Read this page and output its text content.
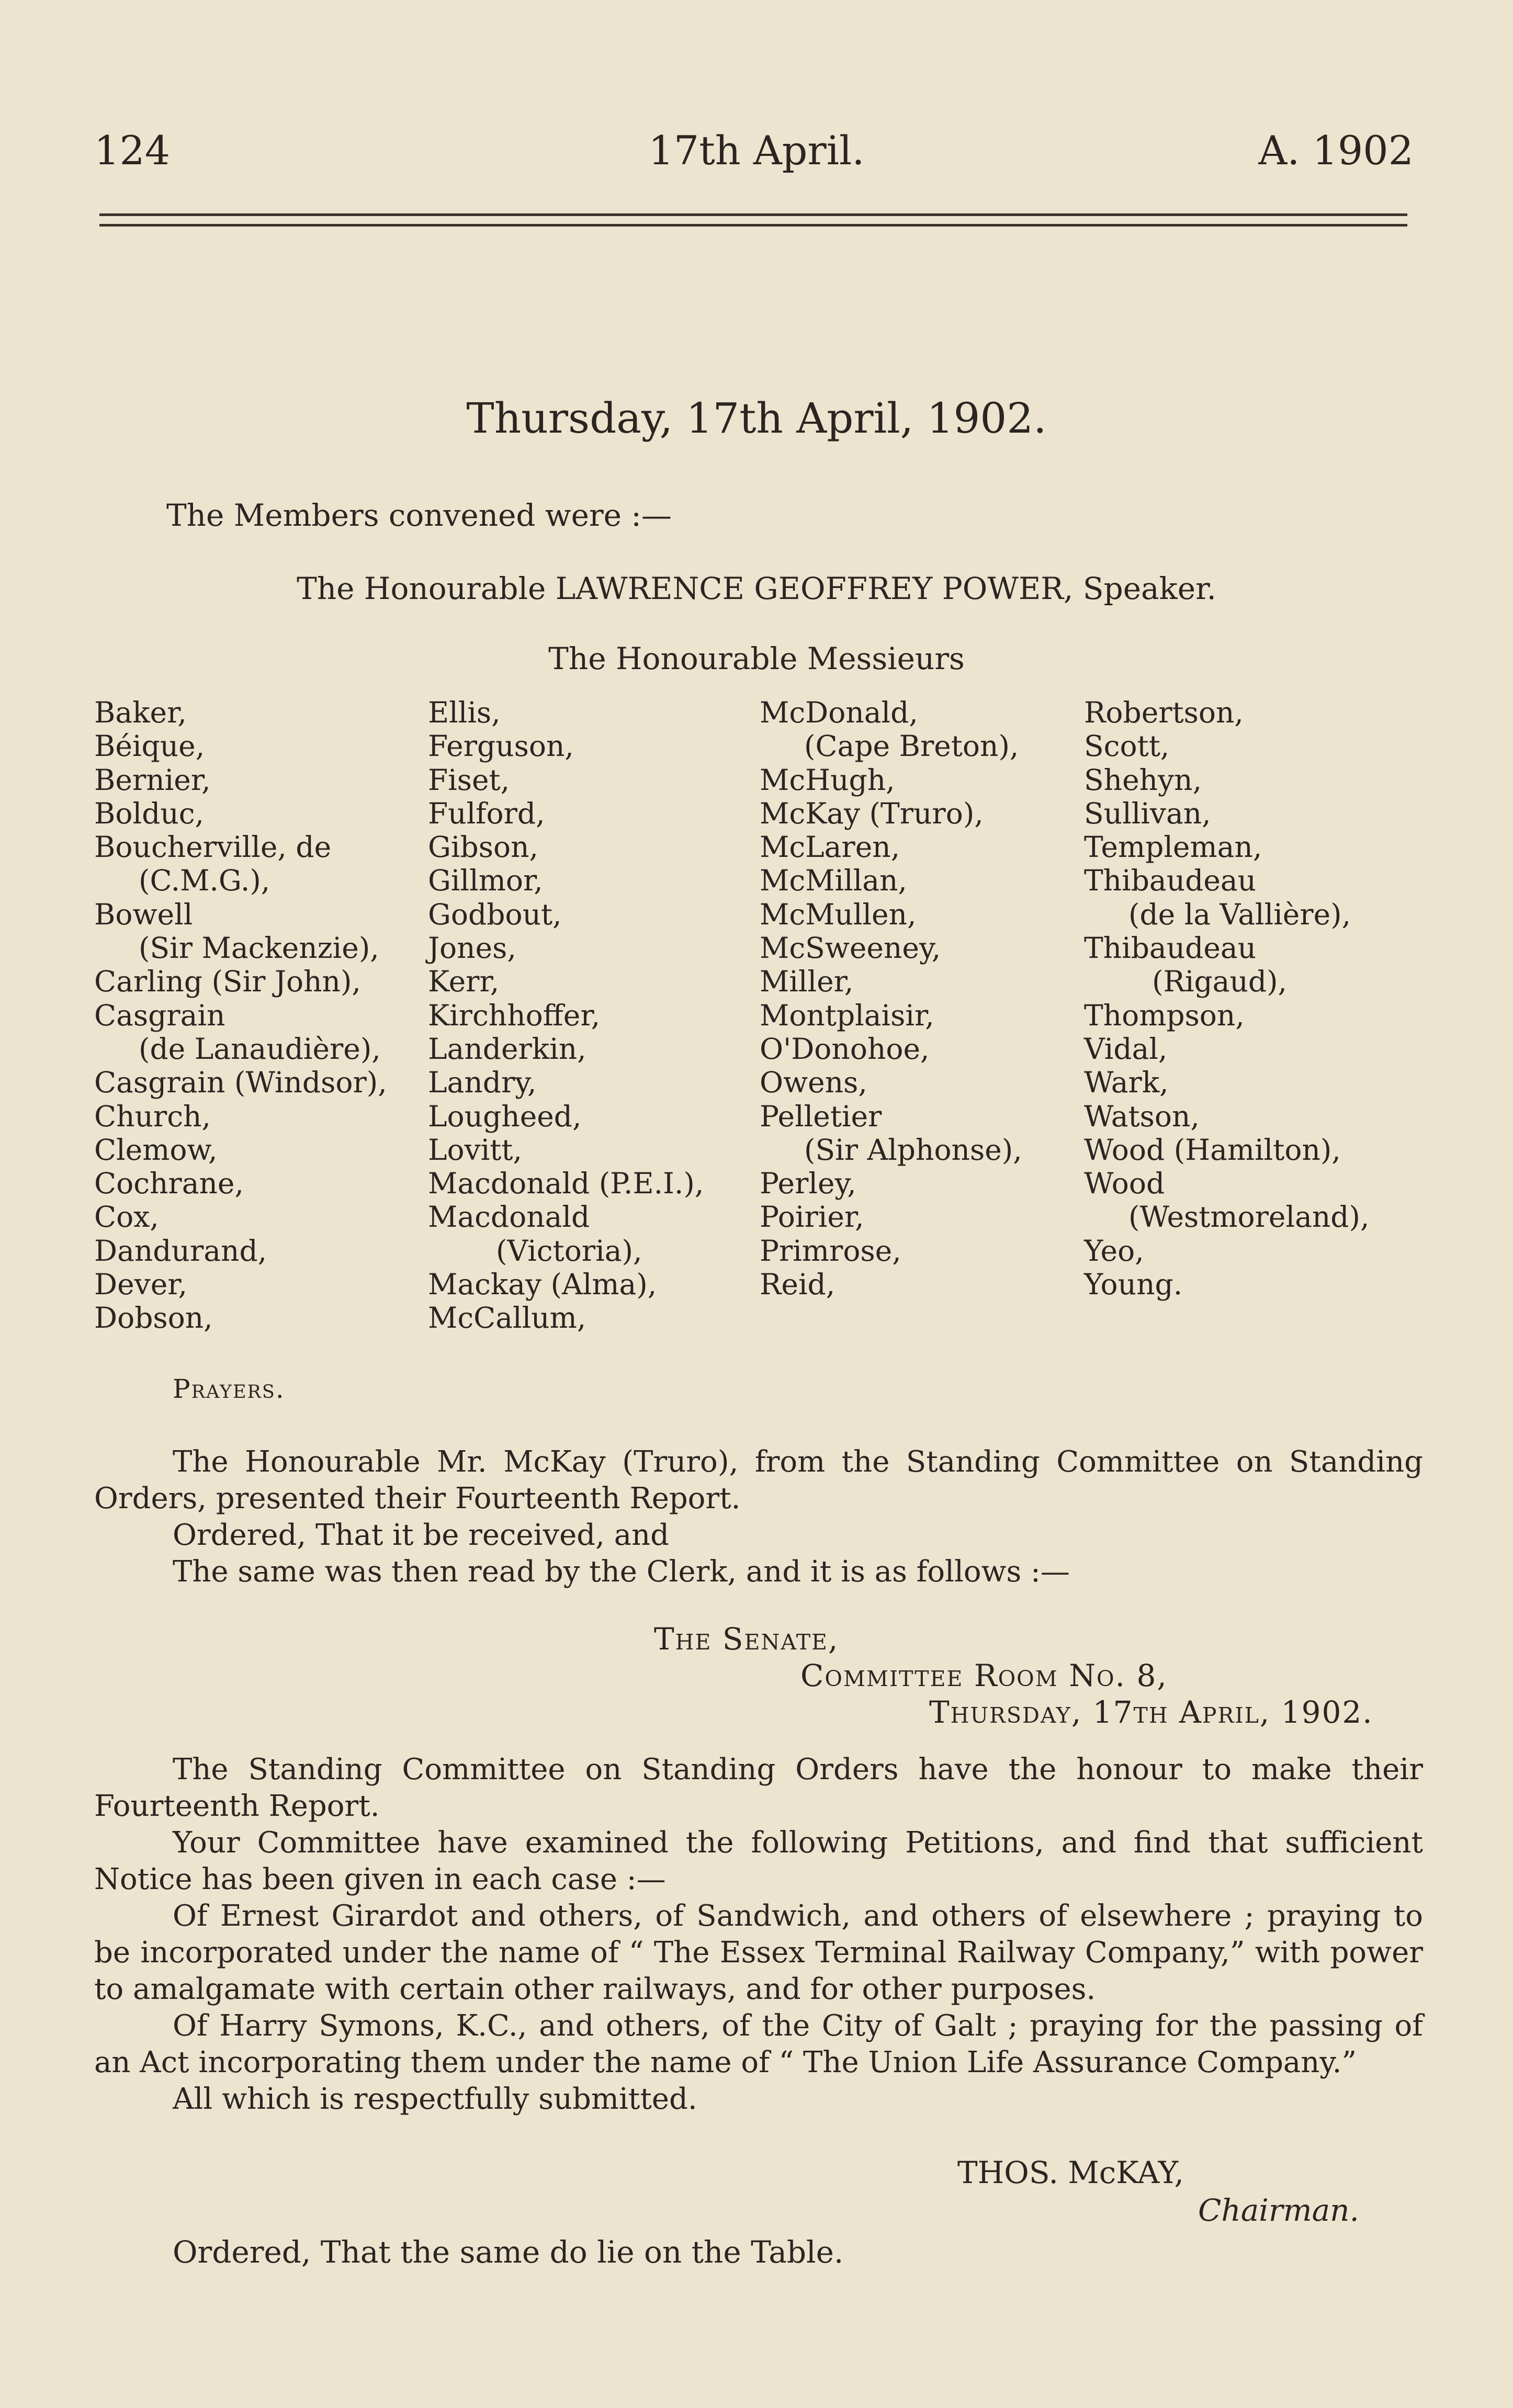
124	17th April.	A. 1902
Thursday, 17th April, 1902.
The Members convened were :—
The Honourable LAWRENCE GEOFFREY POWER, Speaker.
The Honourable Messieurs
Baker,
Béique,
Bernier,
Bolduc,
Boucherville, de
(C.M.G.),
Bowell
(Sir Mackenzie),
Carling (Sir John),
Casgrain
(de Lanaudière),
Casgrain (Windsor),
Church,
Clemow,
Cochrane,
Cox,
Dandurand,
Dever,
Dobson,
Ellis,
Ferguson,
Fiset,
Fulford,
Gibson,
Gillmor,
Godbout,
Jones,
Kerr,
Kirchhoffer,
Landerkin,
Landry,
Lougheed,
Lovitt,
Macdonald (P.E.I.),
Macdonald
(Victoria),
Mackay (Alma),
McCallum,
McDonald,
(Cape Breton),
McHugh,
McKay (Truro),
McLaren,
McMillan,
McMullen,
McSweeney,
Miller,
Montplaisir,
O'Donohoe,
Owens,
Pelletier
(Sir Alphonse),
Perley,
Poirier,
Primrose,
Reid,
Robertson,
Scott,
Shehyn,
Sullivan,
Templeman,
Thibaudeau
(de la Vallière),
Thibaudeau
(Rigaud),
Thompson,
Vidal,
Wark,
Watson,
Wood (Hamilton),
Wood
(Westmoreland),
Yeo,
Young.
Prayers.

The Honourable Mr. McKay (Truro), from the Standing Committee on Standing Orders, presented their Fourteenth Report.

Ordered, That it be received, and

The same was then read by the Clerk, and it is as follows :—

The Senate,
Committee Room No. 8,
Thursday, 17th April, 1902.

The Standing Committee on Standing Orders have the honour to make their Fourteenth Report.

Your Committee have examined the following Petitions, and find that sufficient Notice has been given in each case :—

Of Ernest Girardot and others, of Sandwich, and others of elsewhere ; praying to be incorporated under the name of “ The Essex Terminal Railway Company,” with power to amalgamate with certain other railways, and for other purposes.

Of Harry Symons, K.C., and others, of the City of Galt ; praying for the passing of an Act incorporating them under the name of “ The Union Life Assurance Company.”

All which is respectfully submitted.

THOS. McKAY,
Chairman.
Ordered, That the same do lie on the Table.
